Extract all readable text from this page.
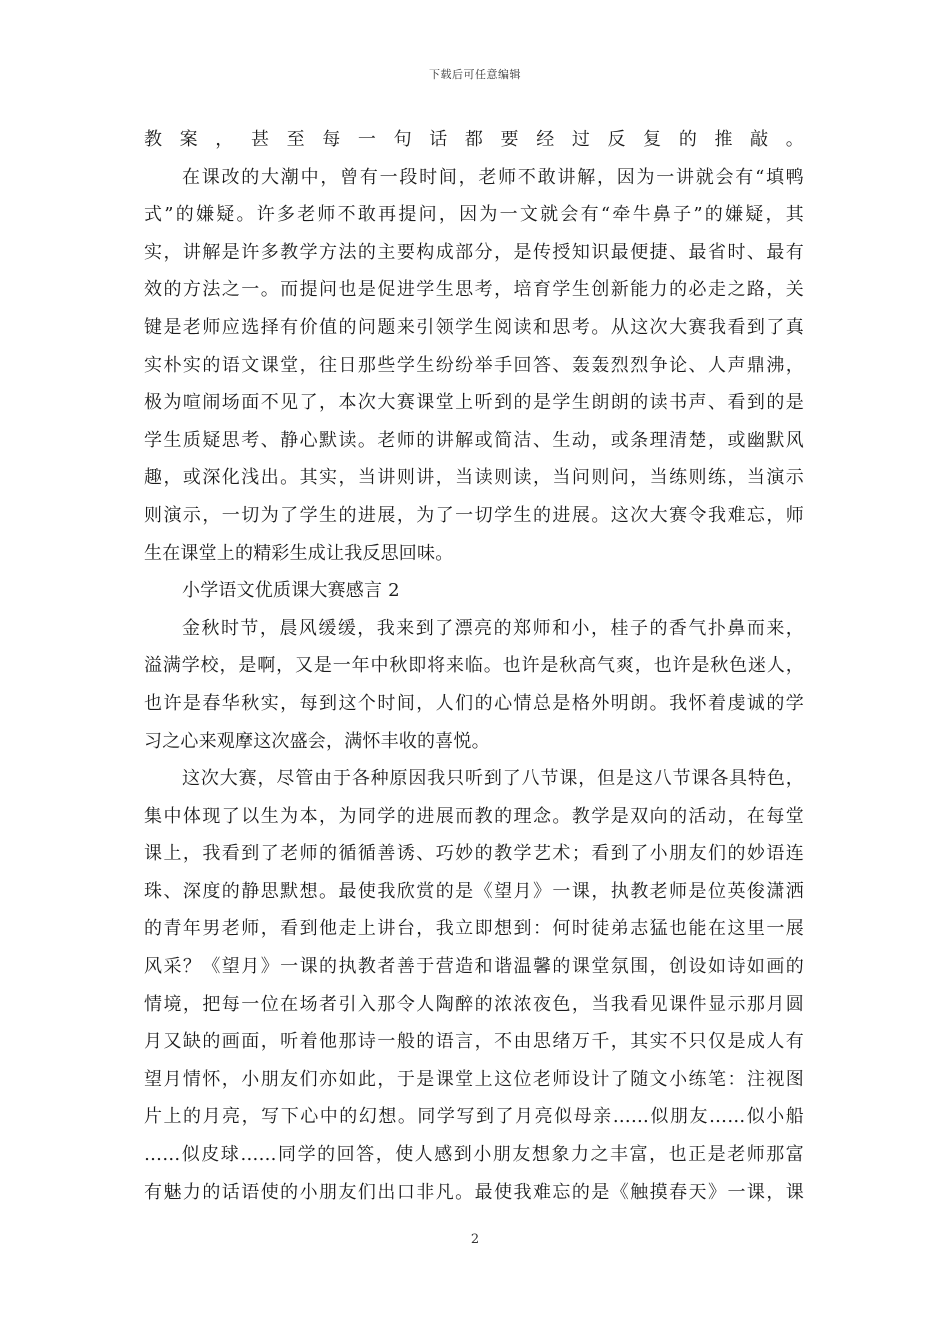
下载后可任意编辑
教案，甚至每一句话都要经过反复的推敲。
在课改的大潮中，曾有一段时间，老师不敢讲解，因为一讲就会有“填鸭
式”的嫌疑。许多老师不敢再提问，因为一文就会有“牵牛鼻子”的嫌疑，其
实，讲解是许多教学方法的主要构成部分，是传授知识最便捷、最省时、最有
效的方法之一。而提问也是促进学生思考，培育学生创新能力的必走之路，关
键是老师应选择有价值的问题来引领学生阅读和思考。从这次大赛我看到了真
实朴实的语文课堂，往日那些学生纷纷举手回答、轰轰烈烈争论、人声鼎沸，
极为喧闹场面不见了，本次大赛课堂上听到的是学生朗朗的读书声、看到的是
学生质疑思考、静心默读。老师的讲解或简洁、生动，或条理清楚，或幽默风
趣，或深化浅出。其实，当讲则讲，当读则读，当问则问，当练则练，当演示
则演示，一切为了学生的进展，为了一切学生的进展。这次大赛令我难忘，师
生在课堂上的精彩生成让我反思回味。
小学语文优质课大赛感言 2
金秋时节，晨风缓缓，我来到了漂亮的郑师和小，桂子的香气扑鼻而来，
溢满学校，是啊，又是一年中秋即将来临。也许是秋高气爽，也许是秋色迷人，
也许是春华秋实，每到这个时间，人们的心情总是格外明朗。我怀着虔诚的学
习之心来观摩这次盛会，满怀丰收的喜悦。
这次大赛，尽管由于各种原因我只听到了八节课，但是这八节课各具特色，
集中体现了以生为本，为同学的进展而教的理念。教学是双向的活动，在每堂
课上，我看到了老师的循循善诱、巧妙的教学艺术；看到了小朋友们的妙语连
珠、深度的静思默想。最使我欣赏的是《望月》一课，执教老师是位英俊潇洒
的青年男老师，看到他走上讲台，我立即想到：何时徒弟志猛也能在这里一展
风采？《望月》一课的执教者善于营造和谐温馨的课堂氛围，创设如诗如画的
情境，把每一位在场者引入那令人陶醉的浓浓夜色，当我看见课件显示那月圆
月又缺的画面，听着他那诗一般的语言，不由思绪万千，其实不只仅是成人有
望月情怀，小朋友们亦如此，于是课堂上这位老师设计了随文小练笔：注视图
片上的月亮，写下心中的幻想。同学写到了月亮似母亲……似朋友……似小船
……似皮球……同学的回答，使人感到小朋友想象力之丰富，也正是老师那富
有魅力的话语使的小朋友们出口非凡。最使我难忘的是《触摸春天》一课，课
2
